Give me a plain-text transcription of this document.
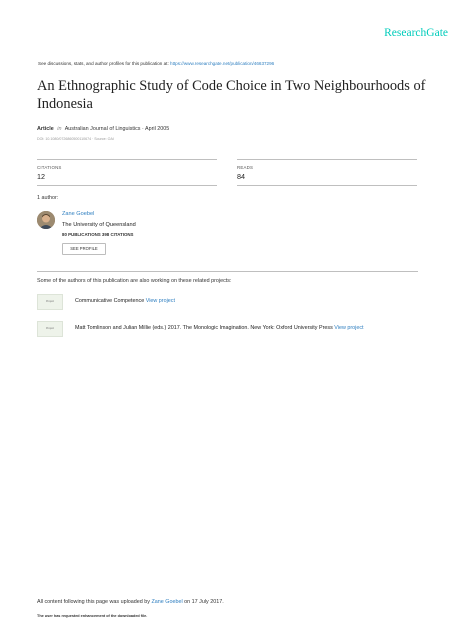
ResearchGate
See discussions, stats, and author profiles for this publication at: https://www.researchgate.net/publication/46637296
An Ethnographic Study of Code Choice in Two Neighbourhoods of Indonesia
Article in Australian Journal of Linguistics · April 2005
DOI: 10.1080/0726860500110674 · Source: OAI
CITATIONS
12
READS
84
1 author:
Zane Goebel
The University of Queensland
80 PUBLICATIONS 398 CITATIONS
SEE PROFILE
Some of the authors of this publication are also working on these related projects:
Project	Communicative Competence View project
Project	Matt Tomlinson and Julian Millie (eds.) 2017. The Monologic Imagination. New York: Oxford University Press View project
All content following this page was uploaded by Zane Goebel on 17 July 2017.
The user has requested enhancement of the downloaded file.
